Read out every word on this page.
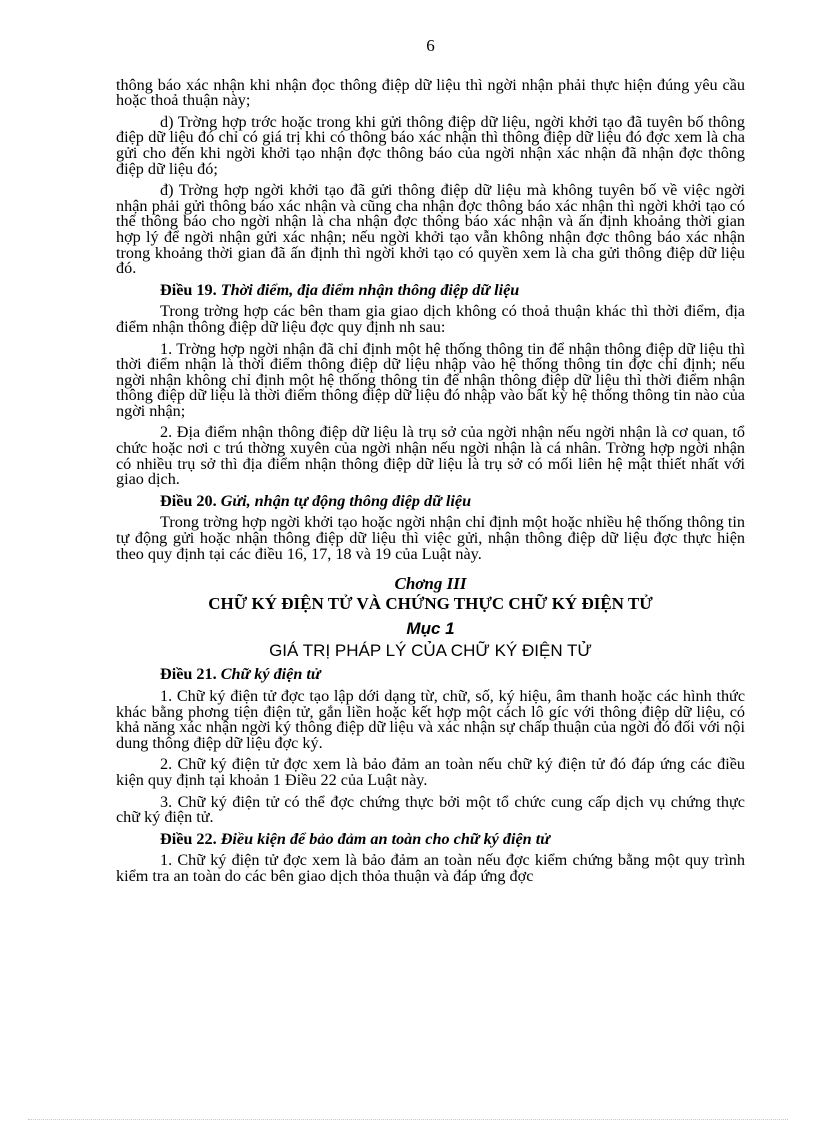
6

thông báo xác nhận khi nhận đọc thông điệp dữ liệu thì ngời nhận phải thực hiện đúng yêu cầu hoặc thoả thuận này;

d) Trờng hợp trớc hoặc trong khi gửi thông điệp dữ liệu, ngời khởi tạo đã tuyên bố thông điệp dữ liệu đó chỉ có giá trị khi có thông báo xác nhận thì thông điệp dữ liệu đó đợc xem là cha gửi cho đến khi ngời khởi tạo nhận đợc thông báo của ngời nhận xác nhận đã nhận đợc thông điệp dữ liệu đó;

đ) Trờng hợp ngời khởi tạo đã gửi thông điệp dữ liệu mà không tuyên bố về việc ngời nhận phải gửi thông báo xác nhận và cũng cha nhận đợc thông báo xác nhận thì ngời khởi tạo có thể thông báo cho ngời nhận là cha nhận đợc thông báo xác nhận và ấn định khoảng thời gian hợp lý để ngời nhận gửi xác nhận; nếu ngời khởi tạo vẫn không nhận đợc thông báo xác nhận trong khoảng thời gian đã ấn định thì ngời khởi tạo có quyền xem là cha gửi thông điệp dữ liệu đó.

Điều 19. Thời điểm, địa điểm nhận thông điệp dữ liệu

Trong trờng hợp các bên tham gia giao dịch không có thoả thuận khác thì thời điểm, địa điểm nhận thông điệp dữ liệu đợc quy định nh sau:

1. Trờng hợp ngời nhận đã chỉ định một hệ thống thông tin để nhận thông điệp dữ liệu thì thời điểm nhận là thời điểm thông điệp dữ liệu nhập vào hệ thống thông tin đợc chỉ định; nếu ngời nhận không chỉ định một hệ thống thông tin để nhận thông điệp dữ liệu thì thời điểm nhận thông điệp dữ liệu là thời điểm thông điệp dữ liệu đó nhập vào bất kỳ hệ thống thông tin nào của ngời nhận;

2. Địa điểm nhận thông điệp dữ liệu là trụ sở của ngời nhận nếu ngời nhận là cơ quan, tổ chức hoặc nơi c trú thờng xuyên của ngời nhận nếu ngời nhận là cá nhân. Trờng hợp ngời nhận có nhiều trụ sở thì địa điểm nhận thông điệp dữ liệu là trụ sở có mối liên hệ mật thiết nhất với giao dịch.

Điều 20. Gửi, nhận tự động thông điệp dữ liệu

Trong trờng hợp ngời khởi tạo hoặc ngời nhận chỉ định một hoặc nhiều hệ thống thông tin tự động gửi hoặc nhận thông điệp dữ liệu thì việc gửi, nhận thông điệp dữ liệu đợc thực hiện theo quy định tại các điều 16, 17, 18 và 19 của Luật này.

Chơng III
CHỮ KÝ ĐIỆN TỬ VÀ CHỨNG THỰC CHỮ KÝ ĐIỆN TỬ
Mục 1
GIÁ TRỊ PHÁP LÝ CỦA CHỮ KÝ ĐIỆN TỬ
Điều 21. Chữ ký điện tử

1. Chữ ký điện tử đợc tạo lập dới dạng từ, chữ, số, ký hiệu, âm thanh hoặc các hình thức khác bằng phơng tiện điện tử, gắn liền hoặc kết hợp một cách lô gíc với thông điệp dữ liệu, có khả năng xác nhận ngời ký thông điệp dữ liệu và xác nhận sự chấp thuận của ngời đó đối với nội dung thông điệp dữ liệu đợc ký.

2. Chữ ký điện tử đợc xem là bảo đảm an toàn nếu chữ ký điện tử đó đáp ứng các điều kiện quy định tại khoản 1 Điều 22 của Luật này.

3. Chữ ký điện tử có thể đợc chứng thực bởi một tổ chức cung cấp dịch vụ chứng thực chữ ký điện tử.

Điều 22. Điều kiện để bảo đảm an toàn cho chữ ký điện tử

1. Chữ ký điện tử đợc xem là bảo đảm an toàn nếu đợc kiểm chứng bằng một quy trình kiểm tra an toàn do các bên giao dịch thỏa thuận và đáp ứng đợc
